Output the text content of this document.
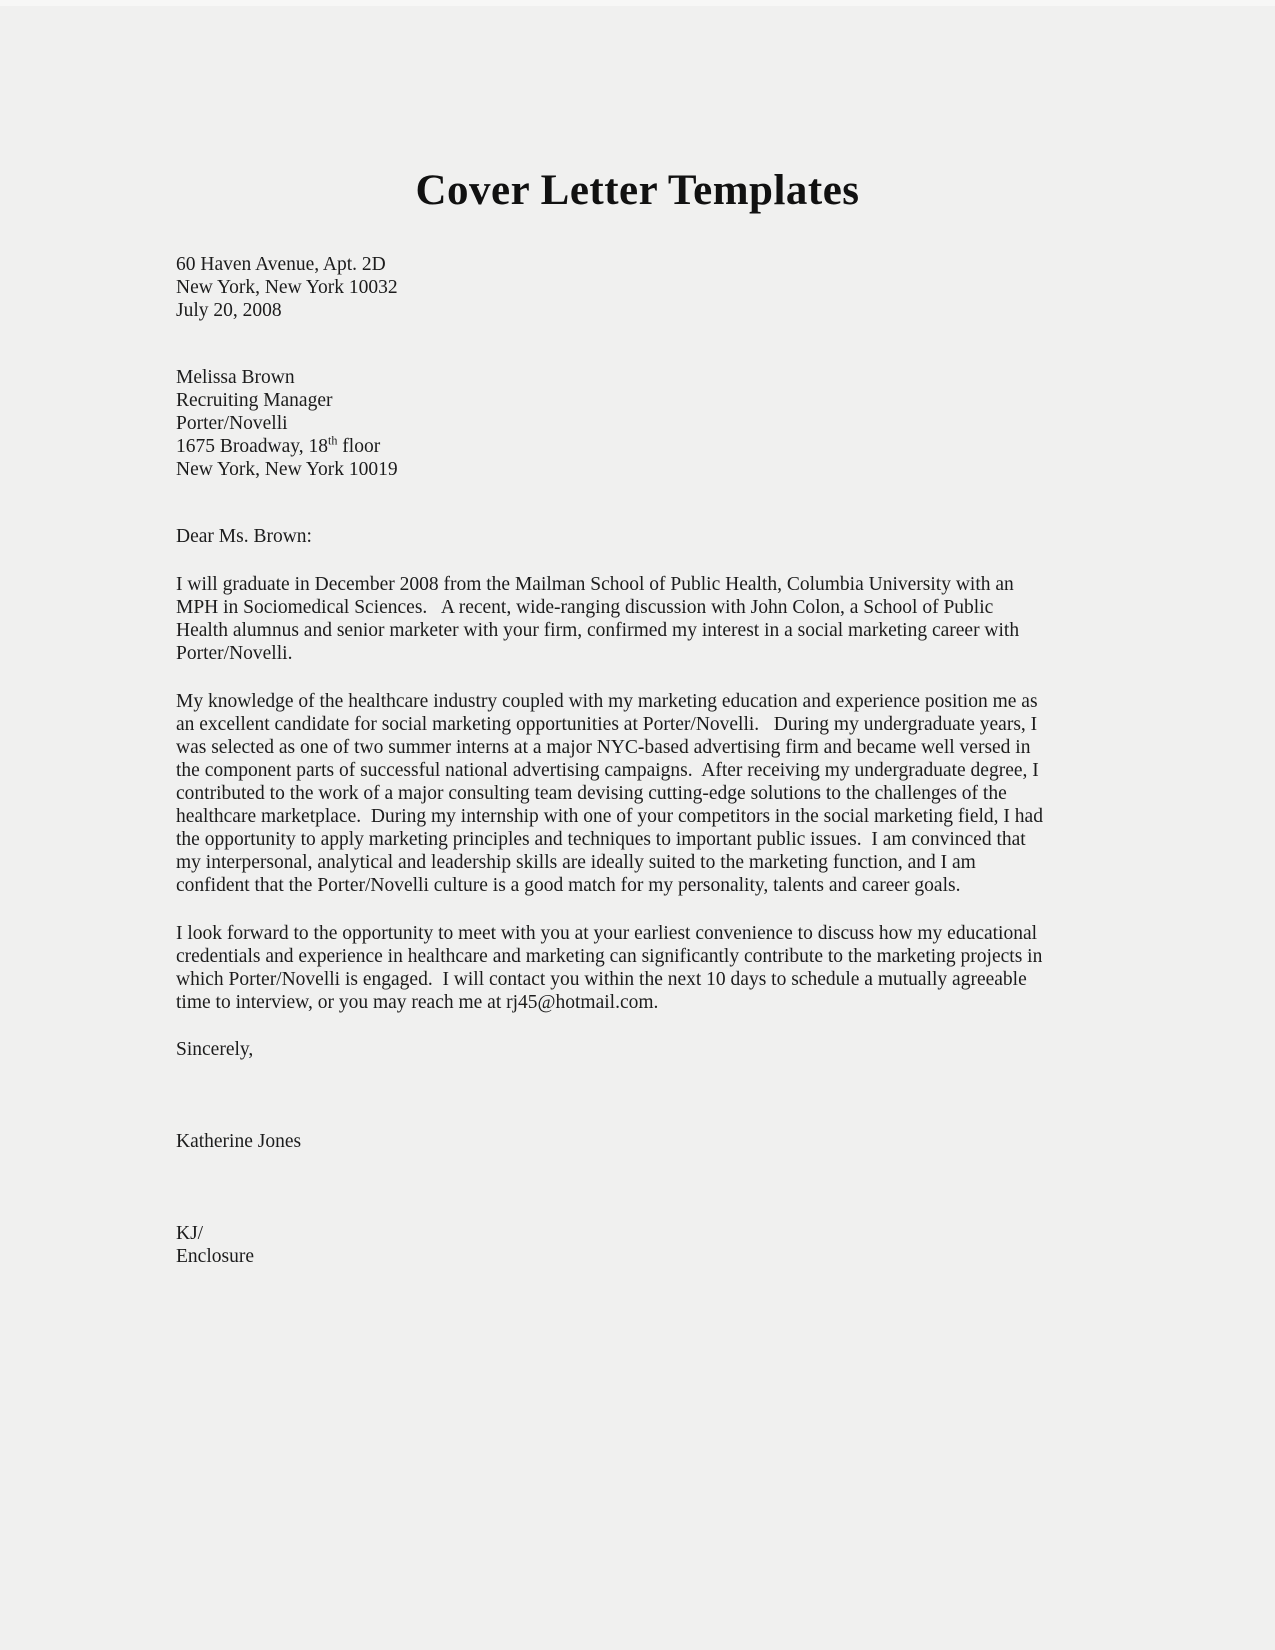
Cover Letter Templates
60 Haven Avenue, Apt. 2D
New York, New York 10032
July 20, 2008
Melissa Brown
Recruiting Manager
Porter/Novelli
1675 Broadway, 18th floor
New York, New York 10019

Dear Ms. Brown:

I will graduate in December 2008 from the Mailman School of Public Health, Columbia University with an MPH in Sociomedical Sciences.   A recent, wide-ranging discussion with John Colon, a School of Public Health alumnus and senior marketer with your firm, confirmed my interest in a social marketing career with Porter/Novelli.

My knowledge of the healthcare industry coupled with my marketing education and experience position me as an excellent candidate for social marketing opportunities at Porter/Novelli.   During my undergraduate years, I was selected as one of two summer interns at a major NYC-based advertising firm and became well versed in the component parts of successful national advertising campaigns.  After receiving my undergraduate degree, I contributed to the work of a major consulting team devising cutting-edge solutions to the challenges of the healthcare marketplace.  During my internship with one of your competitors in the social marketing field, I had the opportunity to apply marketing principles and techniques to important public issues.  I am convinced that my interpersonal, analytical and leadership skills are ideally suited to the marketing function, and I am confident that the Porter/Novelli culture is a good match for my personality, talents and career goals.

I look forward to the opportunity to meet with you at your earliest convenience to discuss how my educational credentials and experience in healthcare and marketing can significantly contribute to the marketing projects in which Porter/Novelli is engaged.  I will contact you within the next 10 days to schedule a mutually agreeable time to interview, or you may reach me at rj45@hotmail.com.

Sincerely,

Katherine Jones

KJ/
Enclosure
